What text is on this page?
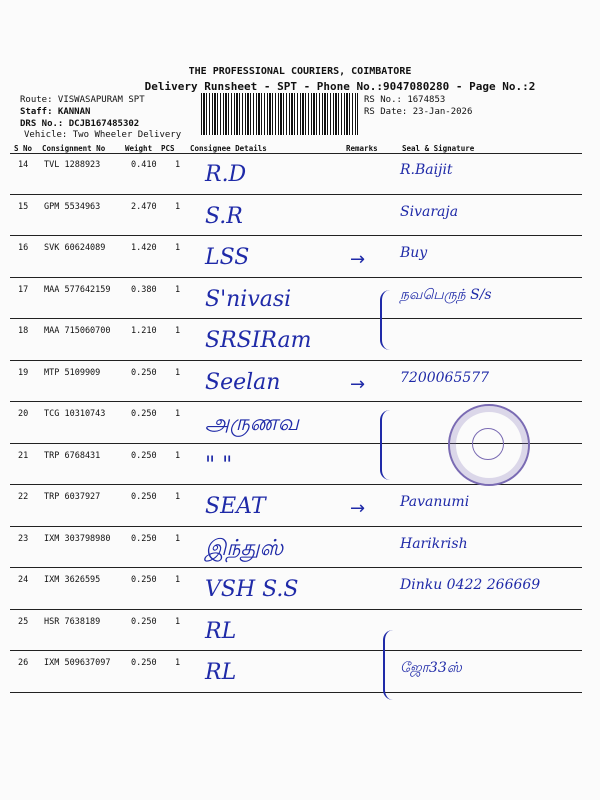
THE PROFESSIONAL COURIERS, COIMBATORE
Delivery Runsheet - SPT - Phone No.:9047080280 - Page No.:2
Route: VISWASAPURAM SPT
Staff: KANNAN
DRS No.: DCJB167485302
Vehicle: Two Wheeler Delivery
RS No.: 1674853
RS Date: 23-Jan-2026
S No Consignment No	Weight PCS Consignee Details	Remarks	Seal & Signature
14 TVL 1288923	0.410 1 R.D	R.Baijit
15 GPM 5534963	2.470 1 S.R	Sivaraja
16 SVK 60624089	1.420 1 LSS	→ Buy
17 MAA 577642159 0.380 1 S'nivasi	நவபெருந் S/s
18 MAA 715060700 1.210 1 SRSIRam
19 MTP 5109909	0.250 1 Seelan	→ 7200065577
20 TCG 10310743	0.250 1 அருணவ
21 TRP 6768431	0.250 1 " "
22 TRP 6037927	0.250 1 SEAT	→ Pavanumi
23 IXM 303798980 0.250 1 இந்துஸ்	Harikrish
24 IXM 3626595	0.250 1 VSH S.S	Dinku 0422 266669
25 HSR 7638189	0.250 1 RL
26 IXM 509637097 0.250 1 RL	ஜோ33ஸ்
